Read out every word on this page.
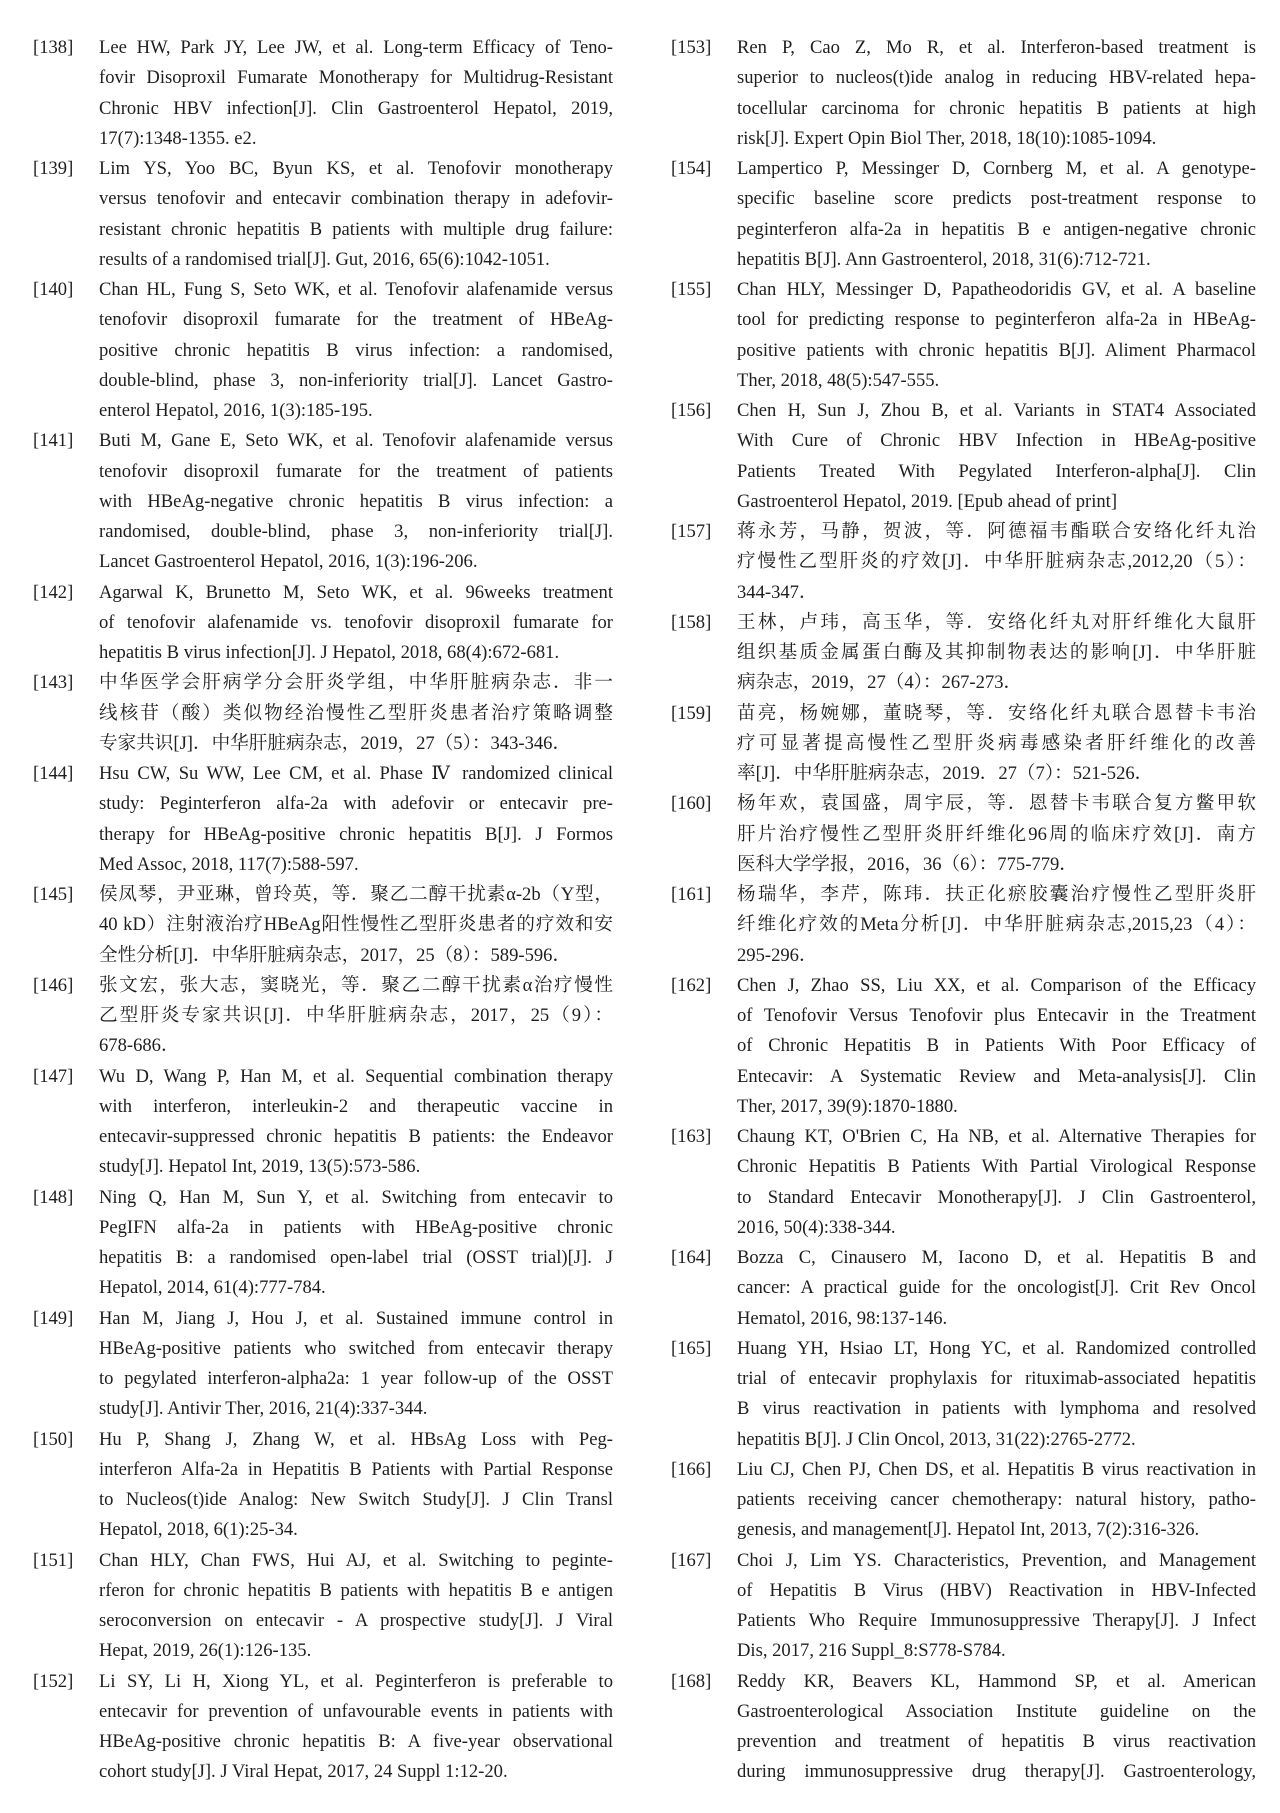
[138] Lee HW, Park JY, Lee JW, et al. Long-term Efficacy of Teno-
fovir Disoproxil Fumarate Monotherapy for Multidrug-Resistant
Chronic HBV infection[J]. Clin Gastroenterol Hepatol, 2019,
17(7):1348-1355. e2.
[139] Lim YS, Yoo BC, Byun KS, et al. Tenofovir monotherapy
versus tenofovir and entecavir combination therapy in adefovir-
resistant chronic hepatitis B patients with multiple drug failure:
results of a randomised trial[J]. Gut, 2016, 65(6):1042-1051.
[140] Chan HL, Fung S, Seto WK, et al. Tenofovir alafenamide versus
tenofovir disoproxil fumarate for the treatment of HBeAg-
positive chronic hepatitis B virus infection: a randomised,
double-blind, phase 3, non-inferiority trial[J]. Lancet Gastro-
enterol Hepatol, 2016, 1(3):185-195.
[141] Buti M, Gane E, Seto WK, et al. Tenofovir alafenamide versus
tenofovir disoproxil fumarate for the treatment of patients
with HBeAg-negative chronic hepatitis B virus infection: a
randomised, double-blind, phase 3, non-inferiority trial[J].
Lancet Gastroenterol Hepatol, 2016, 1(3):196-206.
[142] Agarwal K, Brunetto M, Seto WK, et al. 96weeks treatment
of tenofovir alafenamide vs. tenofovir disoproxil fumarate for
hepatitis B virus infection[J]. J Hepatol, 2018, 68(4):672-681.
[143] 中华医学会肝病学分会肝炎学组，中华肝脏病杂志．非一
线核苷（酸）类似物经治慢性乙型肝炎患者治疗策略调整
专家共识[J]．中华肝脏病杂志，2019，27（5）：343-346．
[144] Hsu CW, Su WW, Lee CM, et al. Phase Ⅳ randomized clinical
study: Peginterferon alfa-2a with adefovir or entecavir pre-
therapy for HBeAg-positive chronic hepatitis B[J]. J Formos
Med Assoc, 2018, 117(7):588-597.
[145] 侯凤琴，尹亚琳，曾玲英，等．聚乙二醇干扰素α-2b（Y型，
40 kD）注射液治疗HBeAg阳性慢性乙型肝炎患者的疗效和安
全性分析[J]．中华肝脏病杂志，2017，25（8）：589-596．
[146] 张文宏，张大志，窦晓光，等．聚乙二醇干扰素α治疗慢性
乙型肝炎专家共识[J]．中华肝脏病杂志，2017，25（9）：
678-686．
[147] Wu D, Wang P, Han M, et al. Sequential combination therapy
with interferon, interleukin-2 and therapeutic vaccine in
entecavir-suppressed chronic hepatitis B patients: the Endeavor
study[J]. Hepatol Int, 2019, 13(5):573-586.
[148] Ning Q, Han M, Sun Y, et al. Switching from entecavir to
PegIFN alfa-2a in patients with HBeAg-positive chronic
hepatitis B: a randomised open-label trial (OSST trial)[J]. J
Hepatol, 2014, 61(4):777-784.
[149] Han M, Jiang J, Hou J, et al. Sustained immune control in
HBeAg-positive patients who switched from entecavir therapy
to pegylated interferon-alpha2a: 1 year follow-up of the OSST
study[J]. Antivir Ther, 2016, 21(4):337-344.
[150] Hu P, Shang J, Zhang W, et al. HBsAg Loss with Peg-
interferon Alfa-2a in Hepatitis B Patients with Partial Response
to Nucleos(t)ide Analog: New Switch Study[J]. J Clin Transl
Hepatol, 2018, 6(1):25-34.
[151] Chan HLY, Chan FWS, Hui AJ, et al. Switching to peginte-
rferon for chronic hepatitis B patients with hepatitis B e antigen
seroconversion on entecavir - A prospective study[J]. J Viral
Hepat, 2019, 26(1):126-135.
[152] Li SY, Li H, Xiong YL, et al. Peginterferon is preferable to
entecavir for prevention of unfavourable events in patients with
HBeAg-positive chronic hepatitis B: A five-year observational
cohort study[J]. J Viral Hepat, 2017, 24 Suppl 1:12-20.
[153] Ren P, Cao Z, Mo R, et al. Interferon-based treatment is
superior to nucleos(t)ide analog in reducing HBV-related hepa-
tocellular carcinoma for chronic hepatitis B patients at high
risk[J]. Expert Opin Biol Ther, 2018, 18(10):1085-1094.
[154] Lampertico P, Messinger D, Cornberg M, et al. A genotype-
specific baseline score predicts post-treatment response to
peginterferon alfa-2a in hepatitis B e antigen-negative chronic
hepatitis B[J]. Ann Gastroenterol, 2018, 31(6):712-721.
[155] Chan HLY, Messinger D, Papatheodoridis GV, et al. A baseline
tool for predicting response to peginterferon alfa-2a in HBeAg-
positive patients with chronic hepatitis B[J]. Aliment Pharmacol
Ther, 2018, 48(5):547-555.
[156] Chen H, Sun J, Zhou B, et al. Variants in STAT4 Associated
With Cure of Chronic HBV Infection in HBeAg-positive
Patients Treated With Pegylated Interferon-alpha[J]. Clin
Gastroenterol Hepatol, 2019. [Epub ahead of print]
[157] 蒋永芳，马静，贺波，等．阿德福韦酯联合安络化纤丸治
疗慢性乙型肝炎的疗效[J]．中华肝脏病杂志,2012,20（5）：
344-347．
[158] 王林，卢玮，高玉华，等．安络化纤丸对肝纤维化大鼠肝
组织基质金属蛋白酶及其抑制物表达的影响[J]．中华肝脏
病杂志，2019，27（4）：267-273．
[159] 苗亮，杨婉娜，董晓琴，等．安络化纤丸联合恩替卡韦治
疗可显著提高慢性乙型肝炎病毒感染者肝纤维化的改善
率[J]．中华肝脏病杂志，2019．27（7）：521-526．
[160] 杨年欢，袁国盛，周宇辰，等．恩替卡韦联合复方鳖甲软
肝片治疗慢性乙型肝炎肝纤维化96周的临床疗效[J]．南方
医科大学学报，2016，36（6）：775-779．
[161] 杨瑞华，李芹，陈玮．扶正化瘀胶囊治疗慢性乙型肝炎肝
纤维化疗效的Meta分析[J]．中华肝脏病杂志,2015,23（4）：
295-296．
[162] Chen J, Zhao SS, Liu XX, et al. Comparison of the Efficacy
of Tenofovir Versus Tenofovir plus Entecavir in the Treatment
of Chronic Hepatitis B in Patients With Poor Efficacy of
Entecavir: A Systematic Review and Meta-analysis[J]. Clin
Ther, 2017, 39(9):1870-1880.
[163] Chaung KT, O'Brien C, Ha NB, et al. Alternative Therapies for
Chronic Hepatitis B Patients With Partial Virological Response
to Standard Entecavir Monotherapy[J]. J Clin Gastroenterol,
2016, 50(4):338-344.
[164] Bozza C, Cinausero M, Iacono D, et al. Hepatitis B and
cancer: A practical guide for the oncologist[J]. Crit Rev Oncol
Hematol, 2016, 98:137-146.
[165] Huang YH, Hsiao LT, Hong YC, et al. Randomized controlled
trial of entecavir prophylaxis for rituximab-associated hepatitis
B virus reactivation in patients with lymphoma and resolved
hepatitis B[J]. J Clin Oncol, 2013, 31(22):2765-2772.
[166] Liu CJ, Chen PJ, Chen DS, et al. Hepatitis B virus reactivation in
patients receiving cancer chemotherapy: natural history, patho-
genesis, and management[J]. Hepatol Int, 2013, 7(2):316-326.
[167] Choi J, Lim YS. Characteristics, Prevention, and Management
of Hepatitis B Virus (HBV) Reactivation in HBV-Infected
Patients Who Require Immunosuppressive Therapy[J]. J Infect
Dis, 2017, 216 Suppl_8:S778-S784.
[168] Reddy KR, Beavers KL, Hammond SP, et al. American
Gastroenterological Association Institute guideline on the
prevention and treatment of hepatitis B virus reactivation
during immunosuppressive drug therapy[J]. Gastroenterology,
